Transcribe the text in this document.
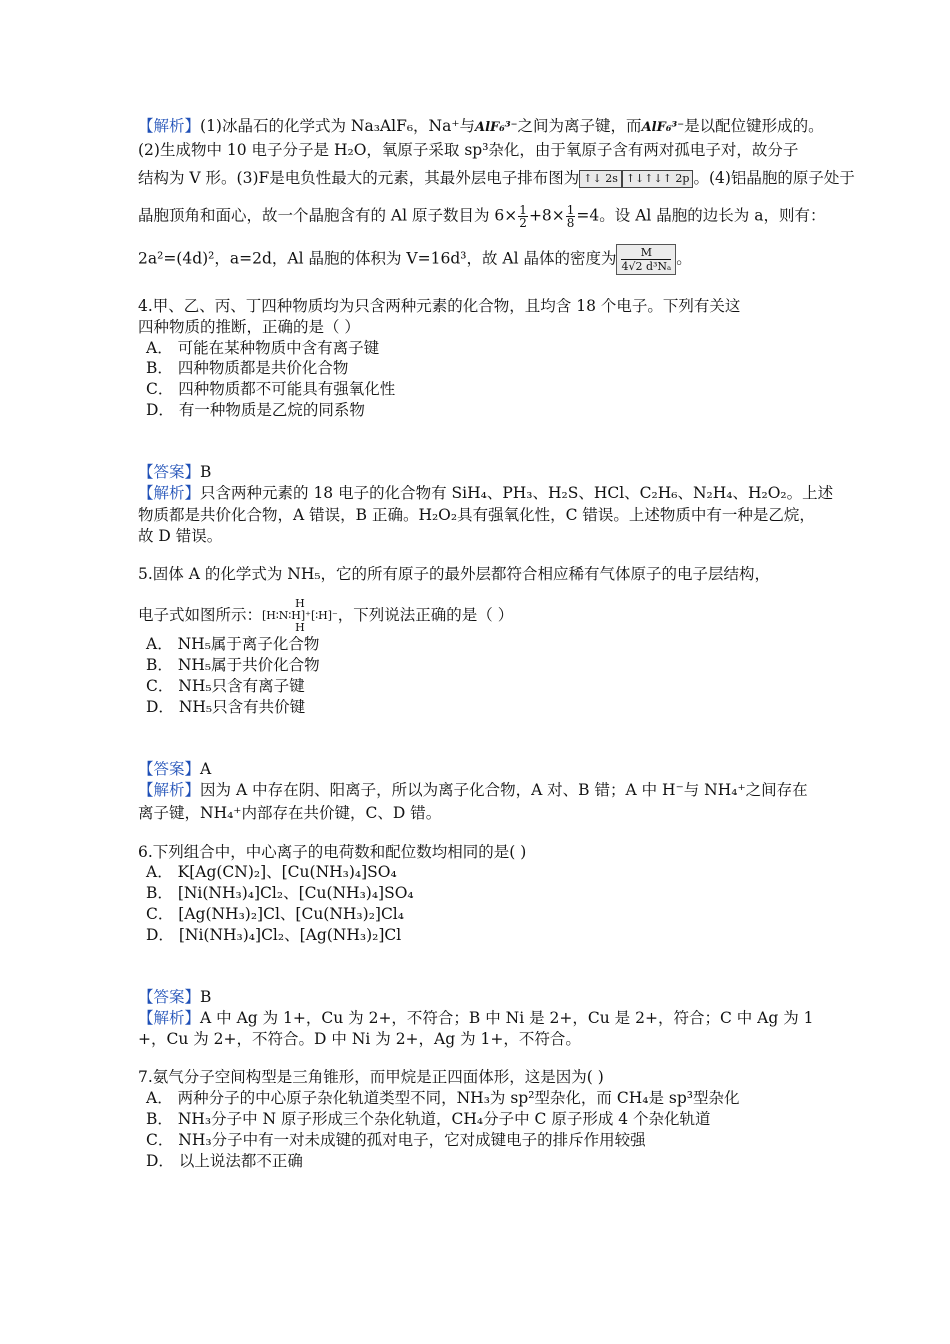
【解析】(1)冰晶石的化学式为 Na₃AlF₆，Na⁺与AlF₆³⁻之间为离子键，而AlF₆³⁻是以配位键形成的。
(2)生成物中 10 电子分子是 H₂O，氧原子采取 sp³杂化，由于氧原子含有两对孤电子对，故分子
结构为 V 形。(3)F是电负性最大的元素，其最外层电子排布图为 ↑↓ 2s ↑↓↑↓↑ 2p 。(4)铝晶胞的原子处于
晶胞顶角和面心，故一个晶胞含有的 Al 原子数目为 $6\times \frac{1}{2} +8\times \frac{1}{8} =4$。设 Al 晶胞的边长为 a，则有：
2a²=(4d)²，a=2d，Al 晶胞的体积为 V=16d³，故 Al 晶体的密度为 $\frac{M}{\text{4√2 d³Nₐ}}$。
4.甲、乙、丙、丁四种物质均为只含两种元素的化合物，且均含 18 个电子。下列有关这
四种物质的推断，正确的是（ ）
A． 可能在某种物质中含有离子键
B． 四种物质都是共价化合物
C． 四种物质都不可能具有强氧化性
D． 有一种物质是乙烷的同系物
【答案】B
【解析】只含两种元素的 18 电子的化合物有 SiH₄、PH₃、H₂S、HCl、C₂H₆、N₂H₄、H₂O₂。上述
物质都是共价化合物，A 错误，B 正确。H₂O₂具有强氧化性，C 错误。上述物质中有一种是乙烷，
故 D 错误。
5.固体 A 的化学式为 NH₅，它的所有原子的最外层都符合相应稀有气体原子的电子层结构，
电子式如图所示：
H
[H∶N∶H]⁺[∶H]⁻
H
，下列说法正确的是（ ）
A． NH₅属于离子化合物
B． NH₅属于共价化合物
C． NH₅只含有离子键
D． NH₅只含有共价键
【答案】A
【解析】因为 A 中存在阴、阳离子，所以为离子化合物，A 对、B 错；A 中 H⁻与 NH₄⁺之间存在
离子键，NH₄⁺内部存在共价键，C、D 错。
6.下列组合中，中心离子的电荷数和配位数均相同的是( )
A． K[Ag(CN)₂]、[Cu(NH₃)₄]SO₄
B． [Ni(NH₃)₄]Cl₂、[Cu(NH₃)₄]SO₄
C． [Ag(NH₃)₂]Cl、[Cu(NH₃)₂]Cl₄
D． [Ni(NH₃)₄]Cl₂、[Ag(NH₃)₂]Cl
【答案】B
【解析】A 中 Ag 为 1+，Cu 为 2+，不符合；B 中 Ni 是 2+，Cu 是 2+，符合；C 中 Ag 为 1
+，Cu 为 2+，不符合。D 中 Ni 为 2+，Ag 为 1+，不符合。
7.氨气分子空间构型是三角锥形，而甲烷是正四面体形，这是因为( )
A． 两种分子的中心原子杂化轨道类型不同，NH₃为 sp²型杂化，而 CH₄是 sp³型杂化
B． NH₃分子中 N 原子形成三个杂化轨道，CH₄分子中 C 原子形成 4 个杂化轨道
C． NH₃分子中有一对未成键的孤对电子，它对成键电子的排斥作用较强
D． 以上说法都不正确
